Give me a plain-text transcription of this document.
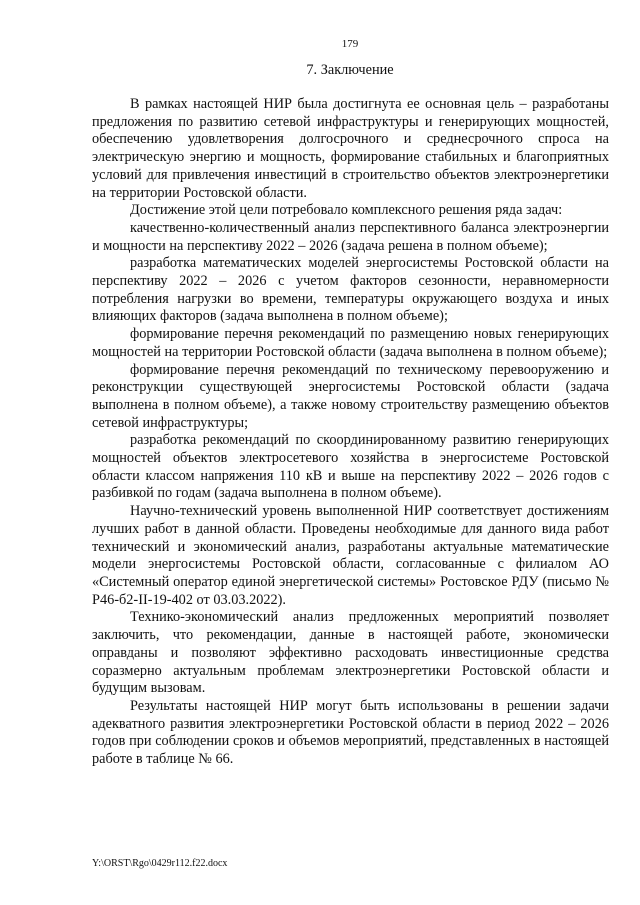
179
7. Заключение

В рамках настоящей НИР была достигнута ее основная цель – разработаны предложения по развитию сетевой инфраструктуры и генерирующих мощностей, обеспечению удовлетворения долгосрочного и среднесрочного спроса на электрическую энергию и мощность, формирование стабильных и благоприятных условий для привлечения инвестиций в строительство объектов электроэнергетики на территории Ростовской области.

Достижение этой цели потребовало комплексного решения ряда задач:

качественно-количественный анализ перспективного баланса электроэнергии и мощности на перспективу 2022 – 2026 (задача решена в полном объеме);

разработка математических моделей энергосистемы Ростовской области на перспективу 2022 – 2026 с учетом факторов сезонности, неравномерности потребления нагрузки во времени, температуры окружающего воздуха и иных влияющих факторов (задача выполнена в полном объеме);

формирование перечня рекомендаций по размещению новых генерирующих мощностей на территории Ростовской области (задача выполнена в полном объеме);

формирование перечня рекомендаций по техническому перевооружению и реконструкции существующей энергосистемы Ростовской области (задача выполнена в полном объеме), а также новому строительству размещению объектов сетевой инфраструктуры;

разработка рекомендаций по скоординированному развитию генерирующих мощностей объектов электросетевого хозяйства в энергосистеме Ростовской области классом напряжения 110 кВ и выше на перспективу 2022 – 2026 годов с разбивкой по годам (задача выполнена в полном объеме).

Научно-технический уровень выполненной НИР соответствует достижениям лучших работ в данной области. Проведены необходимые для данного вида работ технический и экономический анализ, разработаны актуальные математические модели энергосистемы Ростовской области, согласованные с филиалом АО «Системный оператор единой энергетической системы» Ростовское РДУ (письмо № Р46-б2-II-19-402 от 03.03.2022).

Технико-экономический анализ предложенных мероприятий позволяет заключить, что рекомендации, данные в настоящей работе, экономически оправданы и позволяют эффективно расходовать инвестиционные средства соразмерно актуальным проблемам электроэнергетики Ростовской области и будущим вызовам.

Результаты настоящей НИР могут быть использованы в решении задачи адекватного развития электроэнергетики Ростовской области в период 2022 – 2026 годов при соблюдении сроков и объемов мероприятий, представленных в настоящей работе в таблице № 66.

Y:\ORST\Rgo\0429r112.f22.docx
